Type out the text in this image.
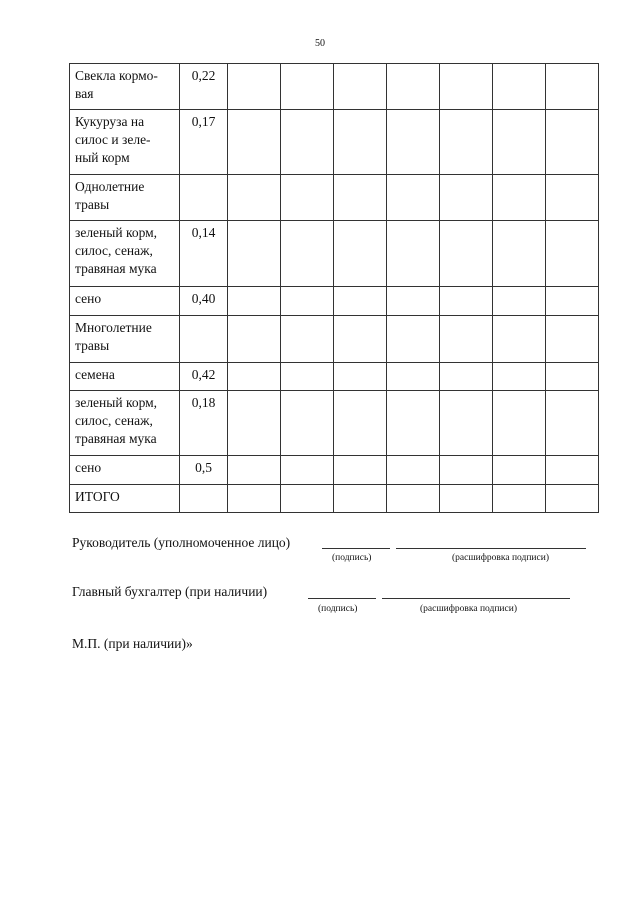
50
Свекла кормо-вая	0,22							
Кукуруза на силос и зеле-ный корм	0,17							
Однолетние травы								
зеленый корм, силос, сенаж, травяная мука	0,14							
сено	0,40							
Многолетние травы								
семена	0,42							
зеленый корм, силос, сенаж, травяная мука	0,18							
сено	0,5							
ИТОГО								
Руководитель (уполномоченное лицо)
(подпись)	(расшифровка подписи)
Главный бухгалтер (при наличии)
(подпись)	(расшифровка подписи)
М.П. (при наличии)»
